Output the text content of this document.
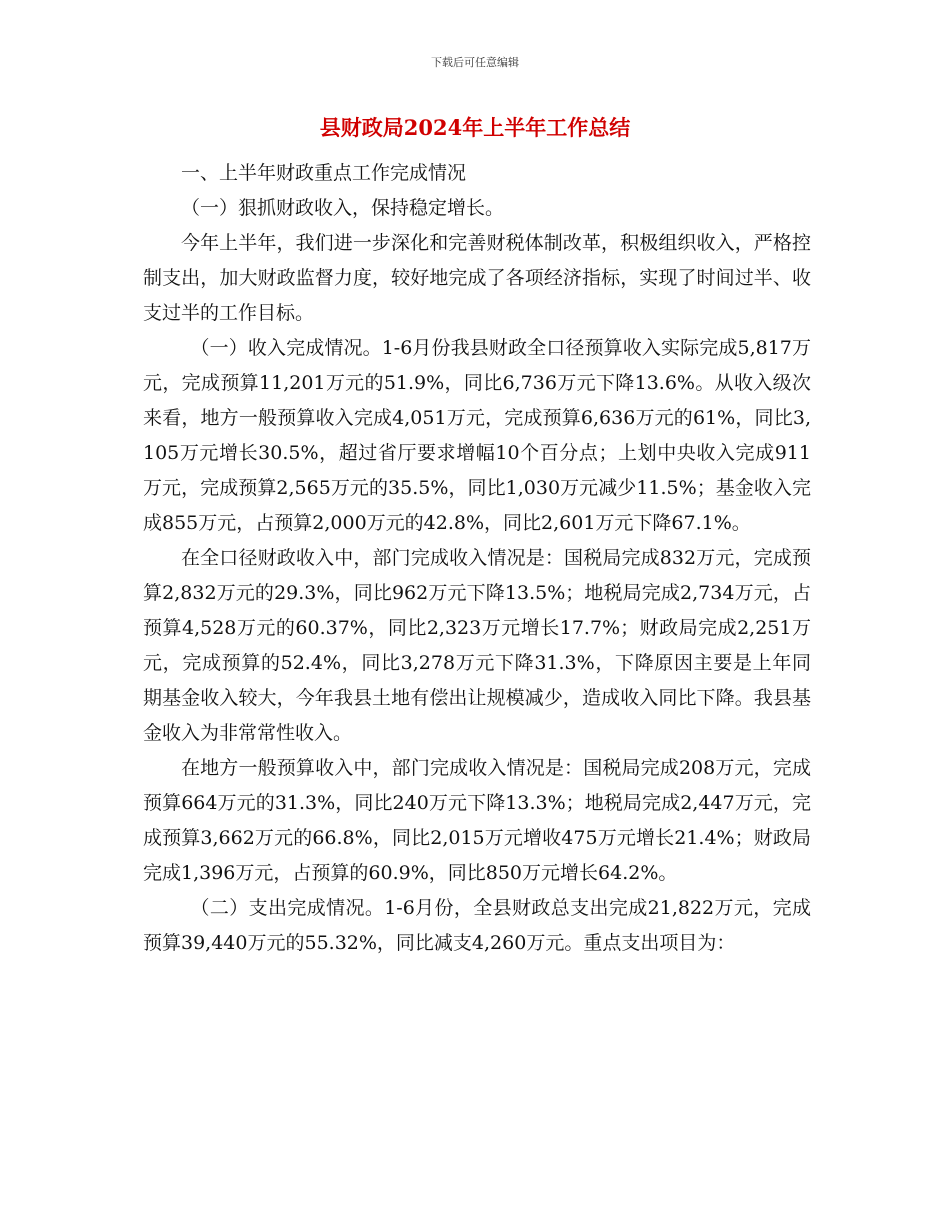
下载后可任意编辑
县财政局2024年上半年工作总结

一、上半年财政重点工作完成情况

（一）狠抓财政收入，保持稳定增长。

今年上半年，我们进一步深化和完善财税体制改革，积极组织收入，严格控制支出，加大财政监督力度，较好地完成了各项经济指标，实现了时间过半、收支过半的工作目标。

（一）收入完成情况。1-6月份我县财政全口径预算收入实际完成5,817万元，完成预算11,201万元的51.9%，同比6,736万元下降13.6%。从收入级次来看，地方一般预算收入完成4,051万元，完成预算6,636万元的61%，同比3,105万元增长30.5%，超过省厅要求增幅10个百分点；上划中央收入完成911万元，完成预算2,565万元的35.5%，同比1,030万元减少11.5%；基金收入完成855万元，占预算2,000万元的42.8%，同比2,601万元下降67.1%。

在全口径财政收入中，部门完成收入情况是：国税局完成832万元，完成预算2,832万元的29.3%，同比962万元下降13.5%；地税局完成2,734万元，占预算4,528万元的60.37%，同比2,323万元增长17.7%；财政局完成2,251万元，完成预算的52.4%，同比3,278万元下降31.3%，下降原因主要是上年同期基金收入较大，今年我县土地有偿出让规模减少，造成收入同比下降。我县基金收入为非常常性收入。

在地方一般预算收入中，部门完成收入情况是：国税局完成208万元，完成预算664万元的31.3%，同比240万元下降13.3%；地税局完成2,447万元，完成预算3,662万元的66.8%，同比2,015万元增收475万元增长21.4%；财政局完成1,396万元，占预算的60.9%，同比850万元增长64.2%。

（二）支出完成情况。1-6月份，全县财政总支出完成21,822万元，完成预算39,440万元的55.32%，同比减支4,260万元。重点支出项目为：
